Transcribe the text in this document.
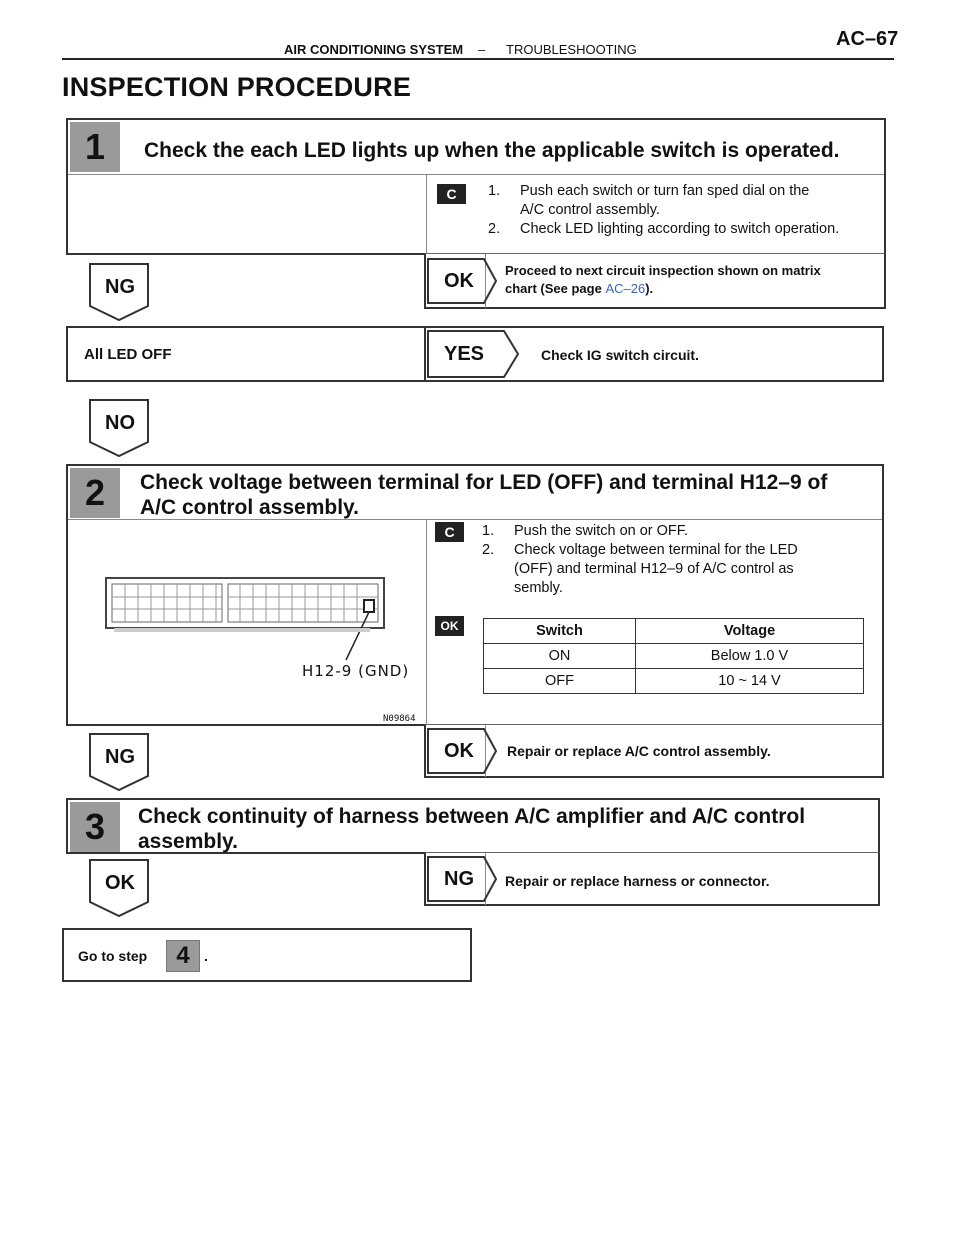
AIR CONDITIONING SYSTEM – TROUBLESHOOTING	AC–67
INSPECTION PROCEDURE
1 Check the each LED lights up when the applicable switch is operated.
C	1. Push each switch or turn fan sped dial on the
A/C control assembly.
2. Check LED lighting according to switch operation.
OK	Proceed to next circuit inspection shown on matrix
chart (See page AC–26).
NG
All LED OFF	YES	Check IG switch circuit.
NO
2 Check voltage between terminal for LED (OFF) and terminal H12–9 of
A/C control assembly.
C	1. Push the switch on or OFF.
2. Check voltage between terminal for the LED
(OFF) and terminal H12–9 of A/C control as
sembly.
OK	Switch	Voltage
ON	Below 1.0 V
OFF	10 ~ 14 V
H12-9 (GND)
N09864
OK	Repair or replace A/C control assembly.
NG
3 Check continuity of harness between A/C amplifier and A/C control
assembly.
NG	Repair or replace harness or connector.
OK
Go to step 4 .
